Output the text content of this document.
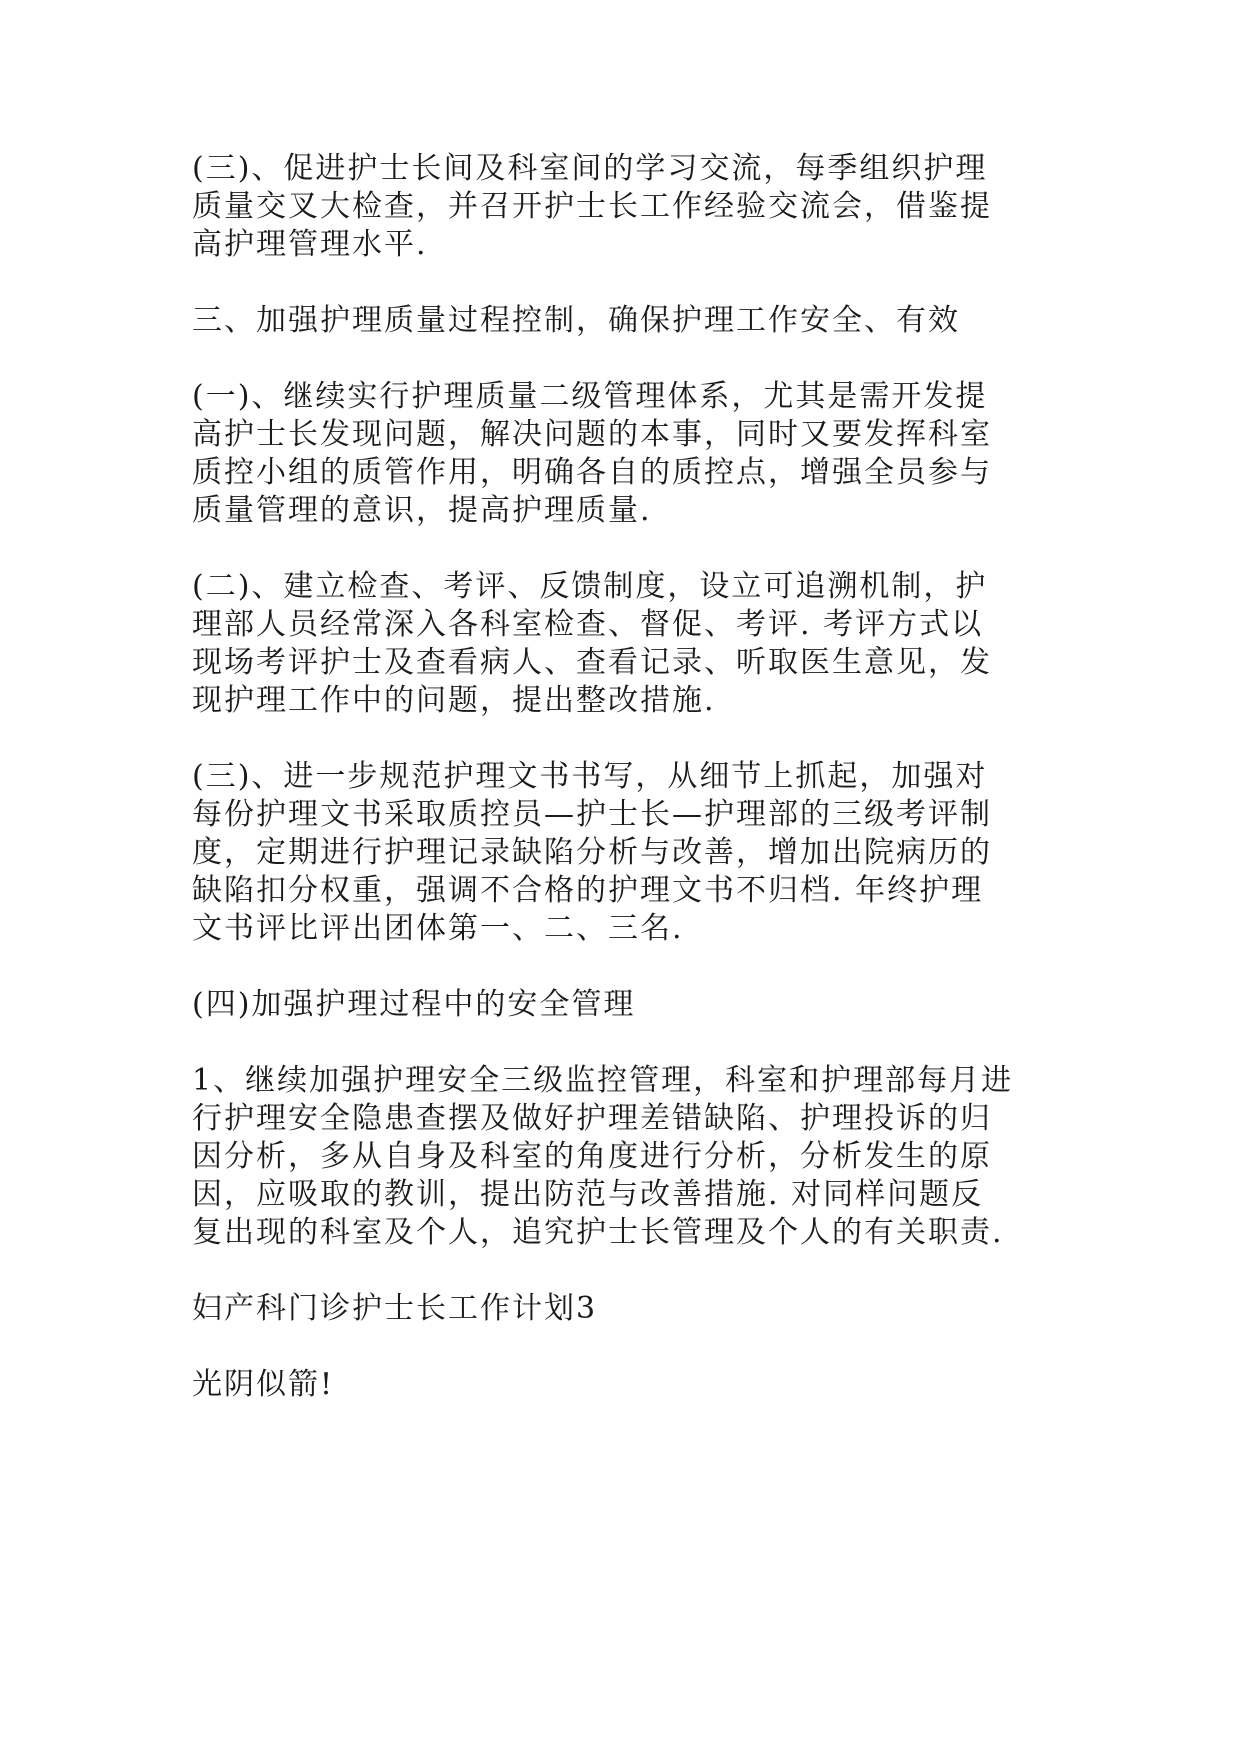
(三)、促进护士长间及科室间的学习交流，每季组织护理
质量交叉大检查，并召开护士长工作经验交流会，借鉴提
高护理管理水平.

三、加强护理质量过程控制，确保护理工作安全、有效

(一)、继续实行护理质量二级管理体系，尤其是需开发提
高护士长发现问题，解决问题的本事，同时又要发挥科室
质控小组的质管作用，明确各自的质控点，增强全员参与
质量管理的意识，提高护理质量.

(二)、建立检查、考评、反馈制度，设立可追溯机制，护
理部人员经常深入各科室检查、督促、考评. 考评方式以
现场考评护士及查看病人、查看记录、听取医生意见，发
现护理工作中的问题，提出整改措施.

(三)、进一步规范护理文书书写，从细节上抓起，加强对
每份护理文书采取质控员—护士长—护理部的三级考评制
度，定期进行护理记录缺陷分析与改善，增加出院病历的
缺陷扣分权重，强调不合格的护理文书不归档. 年终护理
文书评比评出团体第一、二、三名.

(四)加强护理过程中的安全管理

1、继续加强护理安全三级监控管理，科室和护理部每月进
行护理安全隐患查摆及做好护理差错缺陷、护理投诉的归
因分析，多从自身及科室的角度进行分析，分析发生的原
因，应吸取的教训，提出防范与改善措施. 对同样问题反
复出现的科室及个人，追究护士长管理及个人的有关职责.

妇产科门诊护士长工作计划3

光阴似箭!
